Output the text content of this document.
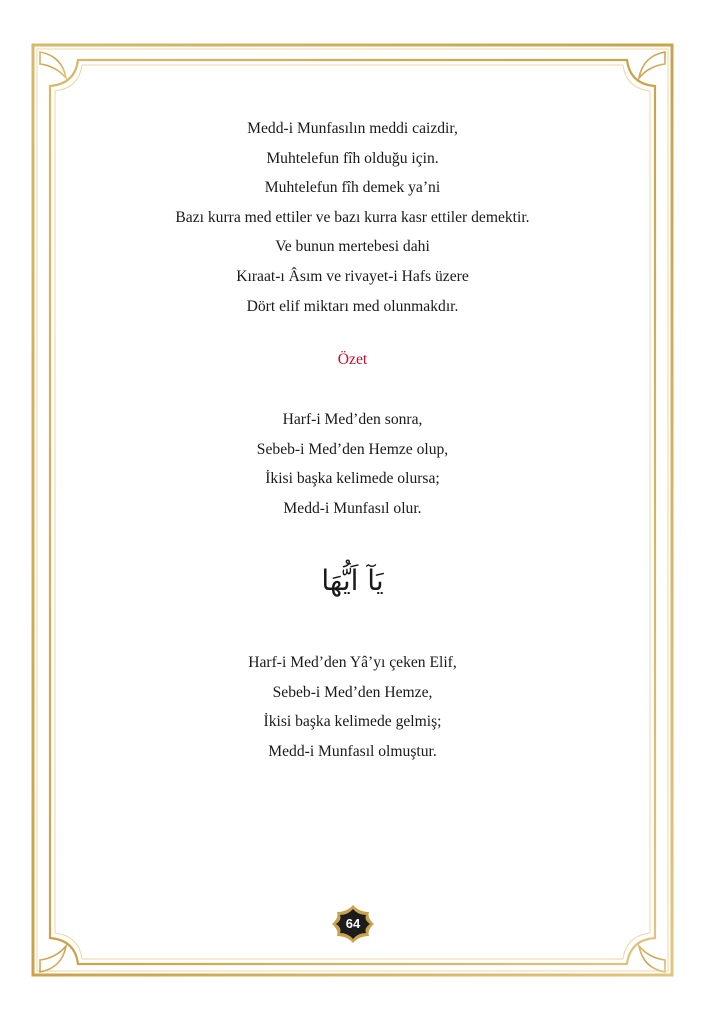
Medd-i Munfasılın meddi caizdir,
Muhtelefun fîh olduğu için.
Muhtelefun fîh demek ya’ni
Bazı kurra med ettiler ve bazı kurra kasr ettiler demektir.
Ve bunun mertebesi dahi
Kıraat-ı Âsım ve rivayet-i Hafs üzere
Dört elif miktarı med olunmakdır.
Özet
Harf-i Med’den sonra,
Sebeb-i Med’den Hemze olup,
İkisi başka kelimede olursa;
Medd-i Munfasıl olur.
يَآ اَيُّهَا
Harf-i Med’den Yâ’yı çeken Elif,
Sebeb-i Med’den Hemze,
İkisi başka kelimede gelmiş;
Medd-i Munfasıl olmuştur.
64
